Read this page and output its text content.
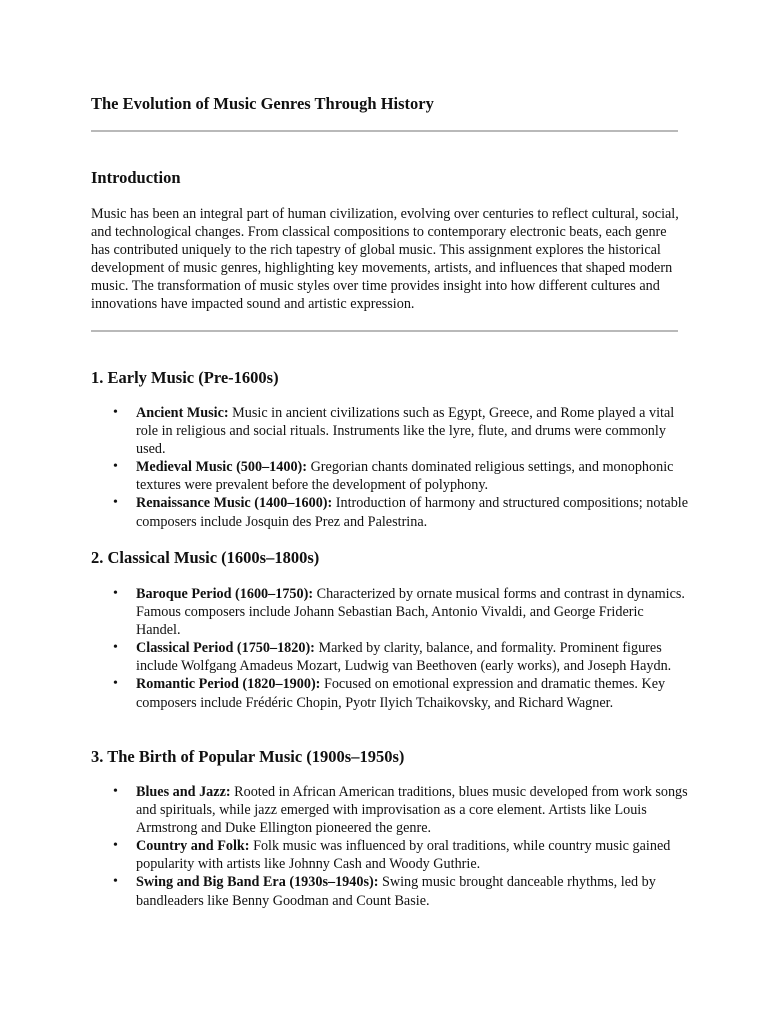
The Evolution of Music Genres Through History
Introduction

Music has been an integral part of human civilization, evolving over centuries to reflect cultural, social, and technological changes. From classical compositions to contemporary electronic beats, each genre has contributed uniquely to the rich tapestry of global music. This assignment explores the historical development of music genres, highlighting key movements, artists, and influences that shaped modern music. The transformation of music styles over time provides insight into how different cultures and innovations have impacted sound and artistic expression.

1. Early Music (Pre-1600s)
• Ancient Music: Music in ancient civilizations such as Egypt, Greece, and Rome played a vital role in religious and social rituals. Instruments like the lyre, flute, and drums were commonly used.
• Medieval Music (500–1400): Gregorian chants dominated religious settings, and monophonic textures were prevalent before the development of polyphony.
• Renaissance Music (1400–1600): Introduction of harmony and structured compositions; notable composers include Josquin des Prez and Palestrina.
2. Classical Music (1600s–1800s)
• Baroque Period (1600–1750): Characterized by ornate musical forms and contrast in dynamics. Famous composers include Johann Sebastian Bach, Antonio Vivaldi, and George Frideric Handel.
• Classical Period (1750–1820): Marked by clarity, balance, and formality. Prominent figures include Wolfgang Amadeus Mozart, Ludwig van Beethoven (early works), and Joseph Haydn.
• Romantic Period (1820–1900): Focused on emotional expression and dramatic themes. Key composers include Frédéric Chopin, Pyotr Ilyich Tchaikovsky, and Richard Wagner.
3. The Birth of Popular Music (1900s–1950s)
• Blues and Jazz: Rooted in African American traditions, blues music developed from work songs and spirituals, while jazz emerged with improvisation as a core element. Artists like Louis Armstrong and Duke Ellington pioneered the genre.
• Country and Folk: Folk music was influenced by oral traditions, while country music gained popularity with artists like Johnny Cash and Woody Guthrie.
• Swing and Big Band Era (1930s–1940s): Swing music brought danceable rhythms, led by bandleaders like Benny Goodman and Count Basie.
